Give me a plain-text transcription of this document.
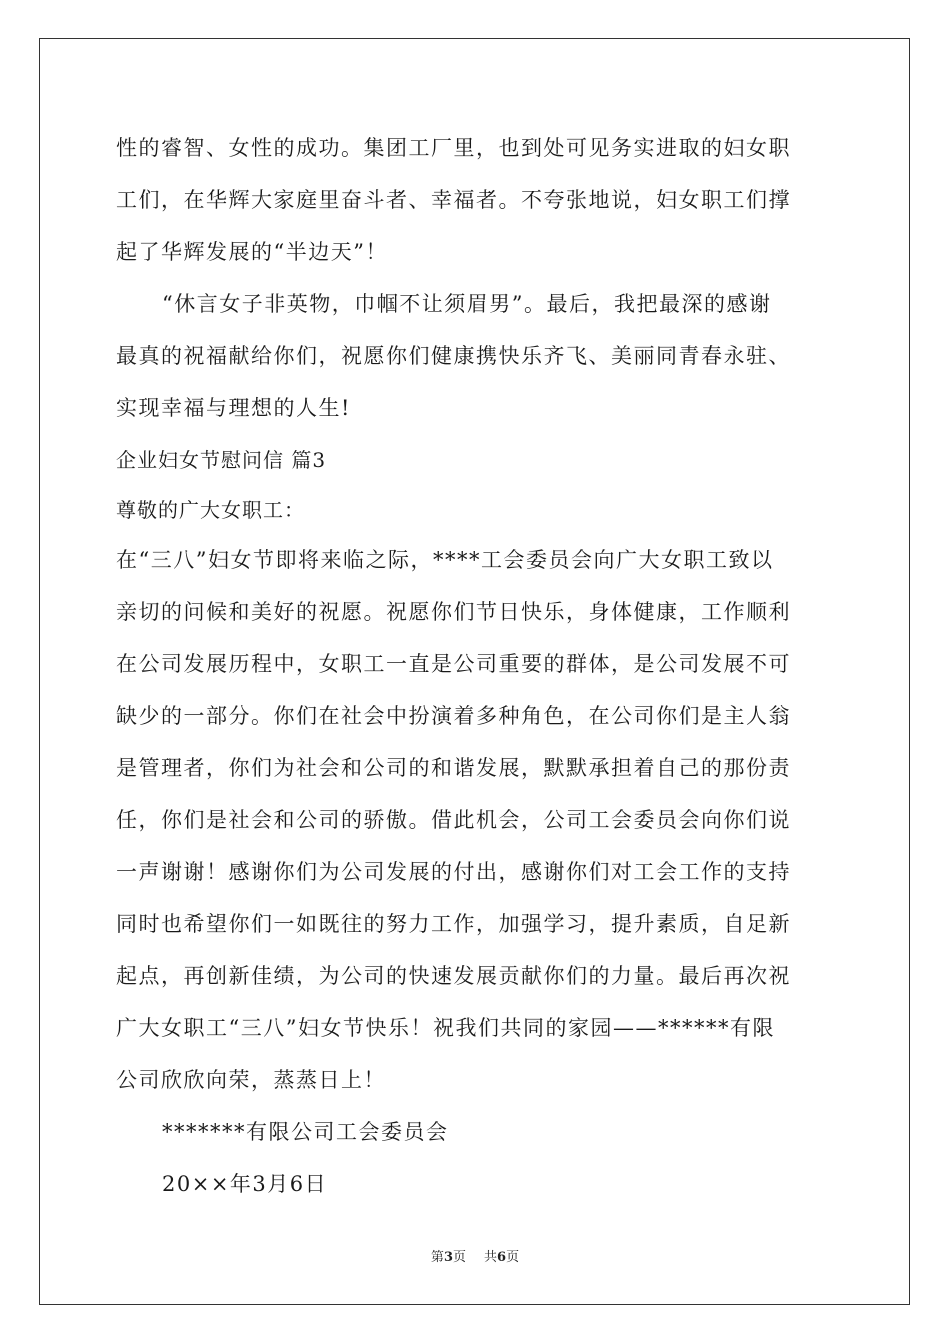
性的睿智、女性的成功。集团工厂里，也到处可见务实进取的妇女职
工们，在华辉大家庭里奋斗者、幸福者。不夸张地说，妇女职工们撑
起了华辉发展的“半边天”！
“休言女子非英物，巾帼不让须眉男”。最后，我把最深的感谢
最真的祝福献给你们，祝愿你们健康携快乐齐飞、美丽同青春永驻、
实现幸福与理想的人生!
企业妇女节慰问信 篇3
尊敬的广大女职工：
在“三八”妇女节即将来临之际，****工会委员会向广大女职工致以
亲切的问候和美好的祝愿。祝愿你们节日快乐，身体健康，工作顺利
在公司发展历程中，女职工一直是公司重要的群体，是公司发展不可
缺少的一部分。你们在社会中扮演着多种角色，在公司你们是主人翁
是管理者，你们为社会和公司的和谐发展，默默承担着自己的那份责
任，你们是社会和公司的骄傲。借此机会，公司工会委员会向你们说
一声谢谢！感谢你们为公司发展的付出，感谢你们对工会工作的支持
同时也希望你们一如既往的努力工作，加强学习，提升素质，自足新
起点，再创新佳绩，为公司的快速发展贡献你们的力量。最后再次祝
广大女职工“三八”妇女节快乐！祝我们共同的家园——******有限
公司欣欣向荣，蒸蒸日上！
*******有限公司工会委员会
20××年3月6日
第3页 共6页
